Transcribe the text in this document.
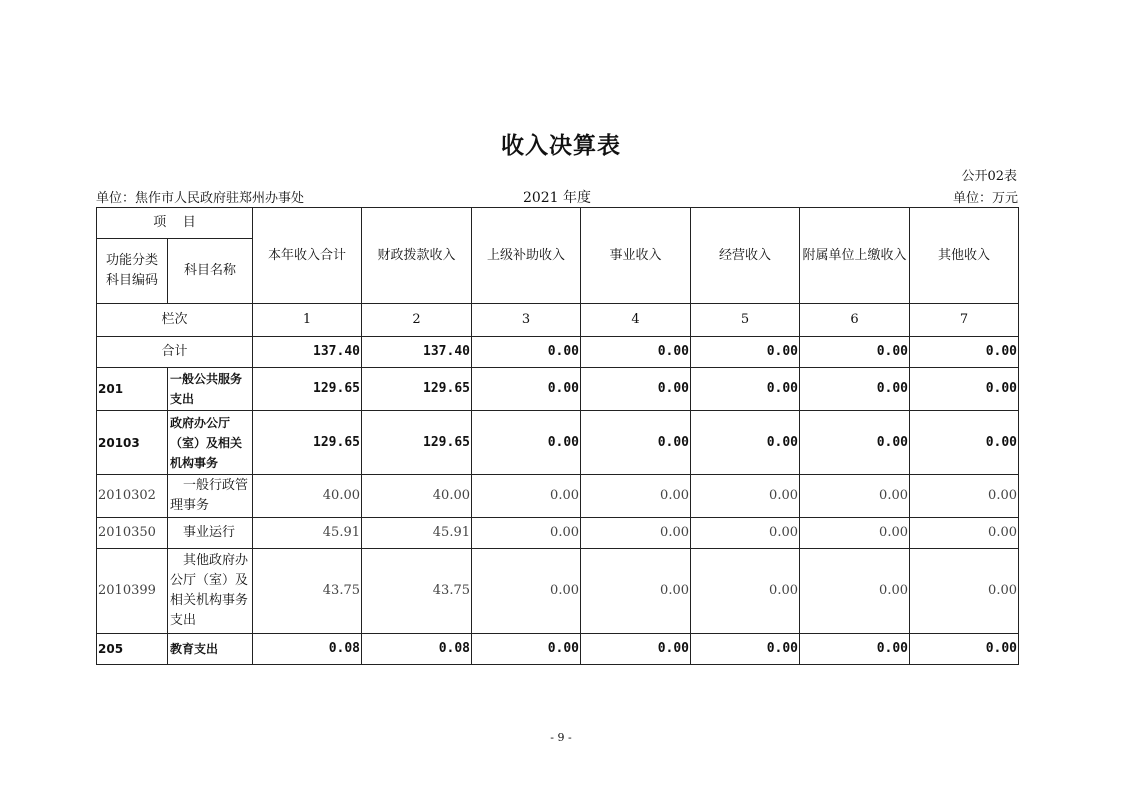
收入决算表
公开02表
单位：焦作市人民政府驻郑州办事处	2021 年度	单位：万元
项    目		本年收入合计	财政拨款收入	上级补助收入	事业收入	经营收入	附属单位上缴收入	其他收入
功能分类科目编码	科目名称							
栏次		1	2	3	4	5	6	7
合计		137.40	137.40	0.00	0.00	0.00	0.00	0.00
201	一般公共服务支出	129.65	129.65	0.00	0.00	0.00	0.00	0.00
20103	政府办公厅（室）及相关机构事务	129.65	129.65	0.00	0.00	0.00	0.00	0.00
2010302	一般行政管理事务	40.00	40.00	0.00	0.00	0.00	0.00	0.00
2010350	事业运行	45.91	45.91	0.00	0.00	0.00	0.00	0.00
2010399	其他政府办公厅（室）及相关机构事务支出	43.75	43.75	0.00	0.00	0.00	0.00	0.00
205	教育支出	0.08	0.08	0.00	0.00	0.00	0.00	0.00
- 9 -
